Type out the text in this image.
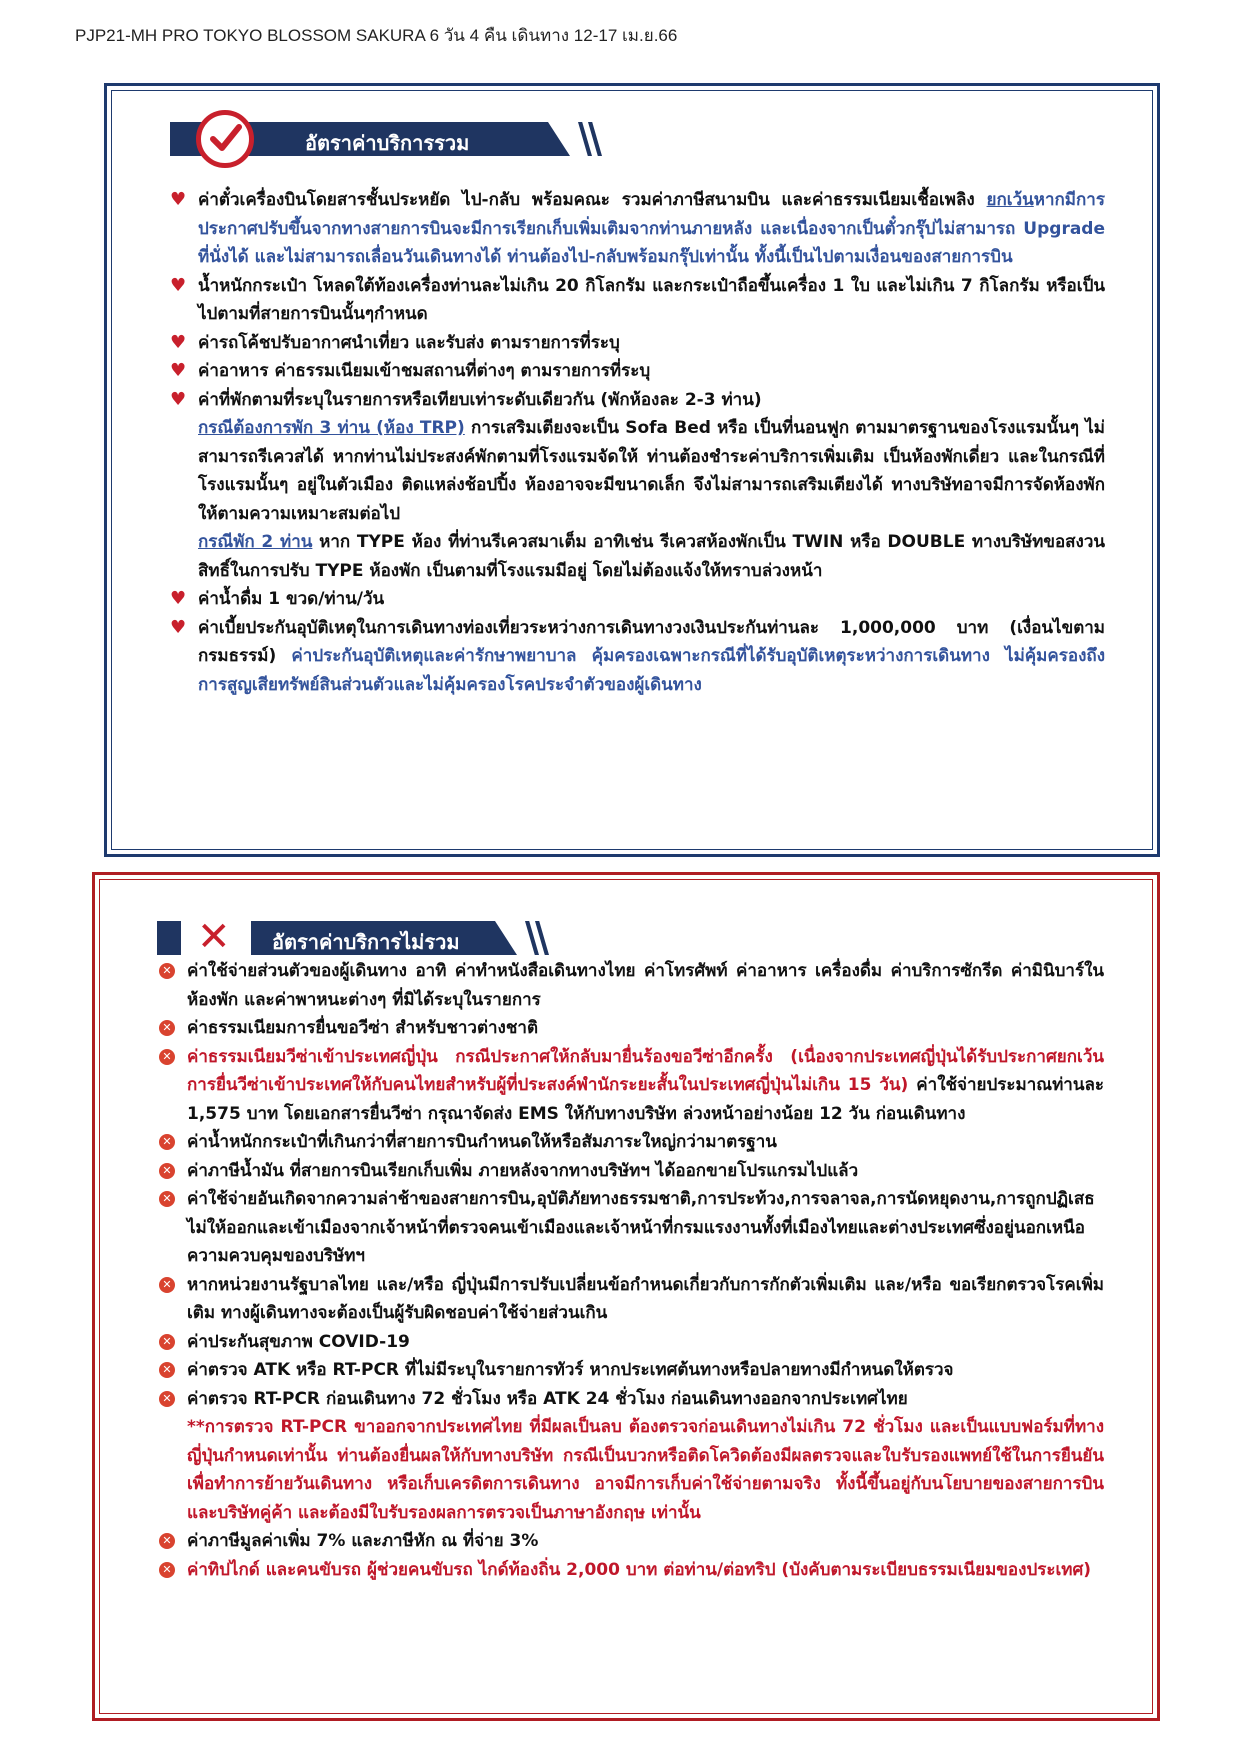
PJP21-MH PRO TOKYO BLOSSOM SAKURA 6 วัน 4 คืน เดินทาง 12-17 เม.ย.66
อัตราค่าบริการรวม
♥ ค่าตั๋วเครื่องบินโดยสารชั้นประหยัด ไป-กลับ พร้อมคณะ รวมค่าภาษีสนามบิน และค่าธรรมเนียมเชื้อเพลิง ยกเว้นหากมีการประกาศปรับขึ้นจากทางสายการบินจะมีการเรียกเก็บเพิ่มเติมจากท่านภายหลัง และเนื่องจากเป็นตั๋วกรุ๊ปไม่สามารถ Upgrade ที่นั่งได้ และไม่สามารถเลื่อนวันเดินทางได้ ท่านต้องไป-กลับพร้อมกรุ๊ปเท่านั้น ทั้งนี้เป็นไปตามเงื่อนของสายการบิน
♥ น้ำหนักกระเป๋า โหลดใต้ท้องเครื่องท่านละไม่เกิน 20 กิโลกรัม และกระเป๋าถือขึ้นเครื่อง 1 ใบ และไม่เกิน 7 กิโลกรัม หรือเป็นไปตามที่สายการบินนั้นๆกำหนด
♥ ค่ารถโค้ชปรับอากาศนำเที่ยว และรับส่ง ตามรายการที่ระบุ
♥ ค่าอาหาร ค่าธรรมเนียมเข้าชมสถานที่ต่างๆ ตามรายการที่ระบุ
♥ ค่าที่พักตามที่ระบุในรายการหรือเทียบเท่าระดับเดียวกัน (พักห้องละ 2-3 ท่าน)
กรณีต้องการพัก 3 ท่าน (ห้อง TRP) การเสริมเตียงจะเป็น Sofa Bed หรือ เป็นที่นอนฟูก ตามมาตรฐานของโรงแรมนั้นๆ ไม่สามารถรีเควสได้ หากท่านไม่ประสงค์พักตามที่โรงแรมจัดให้ ท่านต้องชำระค่าบริการเพิ่มเติม เป็นห้องพักเดี่ยว และในกรณีที่โรงแรมนั้นๆ อยู่ในตัวเมือง ติดแหล่งช้อปปิ้ง ห้องอาจจะมีขนาดเล็ก จึงไม่สามารถเสริมเตียงได้ ทางบริษัทอาจมีการจัดห้องพักให้ตามความเหมาะสมต่อไป
กรณีพัก 2 ท่าน หาก TYPE ห้อง ที่ท่านรีเควสมาเต็ม อาทิเช่น รีเควสห้องพักเป็น TWIN หรือ DOUBLE ทางบริษัทขอสงวนสิทธิ์ในการปรับ TYPE ห้องพัก เป็นตามที่โรงแรมมีอยู่ โดยไม่ต้องแจ้งให้ทราบล่วงหน้า
♥ ค่าน้ำดื่ม 1 ขวด/ท่าน/วัน
♥ ค่าเบี้ยประกันอุบัติเหตุในการเดินทางท่องเที่ยวระหว่างการเดินทางวงเงินประกันท่านละ 1,000,000 บาท (เงื่อนไขตามกรมธรรม์) ค่าประกันอุบัติเหตุและค่ารักษาพยาบาล คุ้มครองเฉพาะกรณีที่ได้รับอุบัติเหตุระหว่างการเดินทาง ไม่คุ้มครองถึงการสูญเสียทรัพย์สินส่วนตัวและไม่คุ้มครองโรคประจำตัวของผู้เดินทาง
✕ อัตราค่าบริการไม่รวม
✕ ค่าใช้จ่ายส่วนตัวของผู้เดินทาง อาทิ ค่าทำหนังสือเดินทางไทย ค่าโทรศัพท์ ค่าอาหาร เครื่องดื่ม ค่าบริการซักรีด ค่ามินิบาร์ในห้องพัก และค่าพาหนะต่างๆ ที่มิได้ระบุในรายการ
✕ ค่าธรรมเนียมการยื่นขอวีซ่า สำหรับชาวต่างชาติ
✕ ค่าธรรมเนียมวีซ่าเข้าประเทศญี่ปุ่น กรณีประกาศให้กลับมายื่นร้องขอวีซ่าอีกครั้ง (เนื่องจากประเทศญี่ปุ่นได้รับประกาศยกเว้นการยื่นวีซ่าเข้าประเทศให้กับคนไทยสำหรับผู้ที่ประสงค์พำนักระยะสั้นในประเทศญี่ปุ่นไม่เกิน 15 วัน) ค่าใช้จ่ายประมาณท่านละ 1,575 บาท โดยเอกสารยื่นวีซ่า กรุณาจัดส่ง EMS ให้กับทางบริษัท ล่วงหน้าอย่างน้อย 12 วัน ก่อนเดินทาง
✕ ค่าน้ำหนักกระเป๋าที่เกินกว่าที่สายการบินกำหนดให้หรือสัมภาระใหญ่กว่ามาตรฐาน
✕ ค่าภาษีน้ำมัน ที่สายการบินเรียกเก็บเพิ่ม ภายหลังจากทางบริษัทฯ ได้ออกขายโปรแกรมไปแล้ว
✕ ค่าใช้จ่ายอันเกิดจากความล่าช้าของสายการบิน,อุบัติภัยทางธรรมชาติ,การประท้วง,การจลาจล,การนัดหยุดงาน,การถูกปฏิเสธไม่ให้ออกและเข้าเมืองจากเจ้าหน้าที่ตรวจคนเข้าเมืองและเจ้าหน้าที่กรมแรงงานทั้งที่เมืองไทยและต่างประเทศซึ่งอยู่นอกเหนือความควบคุมของบริษัทฯ
✕ หากหน่วยงานรัฐบาลไทย และ/หรือ ญี่ปุ่นมีการปรับเปลี่ยนข้อกำหนดเกี่ยวกับการกักตัวเพิ่มเติม และ/หรือ ขอเรียกตรวจโรคเพิ่มเติม ทางผู้เดินทางจะต้องเป็นผู้รับผิดชอบค่าใช้จ่ายส่วนเกิน
✕ ค่าประกันสุขภาพ COVID-19
✕ ค่าตรวจ ATK หรือ RT-PCR ที่ไม่มีระบุในรายการทัวร์ หากประเทศต้นทางหรือปลายทางมีกำหนดให้ตรวจ
✕ ค่าตรวจ RT-PCR ก่อนเดินทาง 72 ชั่วโมง หรือ ATK 24 ชั่วโมง ก่อนเดินทางออกจากประเทศไทย
**การตรวจ RT-PCR ขาออกจากประเทศไทย ที่มีผลเป็นลบ ต้องตรวจก่อนเดินทางไม่เกิน 72 ชั่วโมง และเป็นแบบฟอร์มที่ทางญี่ปุ่นกำหนดเท่านั้น ท่านต้องยื่นผลให้กับทางบริษัท กรณีเป็นบวกหรือติดโควิดต้องมีผลตรวจและใบรับรองแพทย์ใช้ในการยืนยัน เพื่อทำการย้ายวันเดินทาง หรือเก็บเครดิตการเดินทาง อาจมีการเก็บค่าใช้จ่ายตามจริง ทั้งนี้ขึ้นอยู่กับนโยบายของสายการบินและบริษัทคู่ค้า และต้องมีใบรับรองผลการตรวจเป็นภาษาอังกฤษ เท่านั้น
✕ ค่าภาษีมูลค่าเพิ่ม 7% และภาษีหัก ณ ที่จ่าย 3%
✕ ค่าทิปไกด์ และคนขับรถ ผู้ช่วยคนขับรถ ไกด์ท้องถิ่น 2,000 บาท ต่อท่าน/ต่อทริป (บังคับตามระเบียบธรรมเนียมของประเทศ)
